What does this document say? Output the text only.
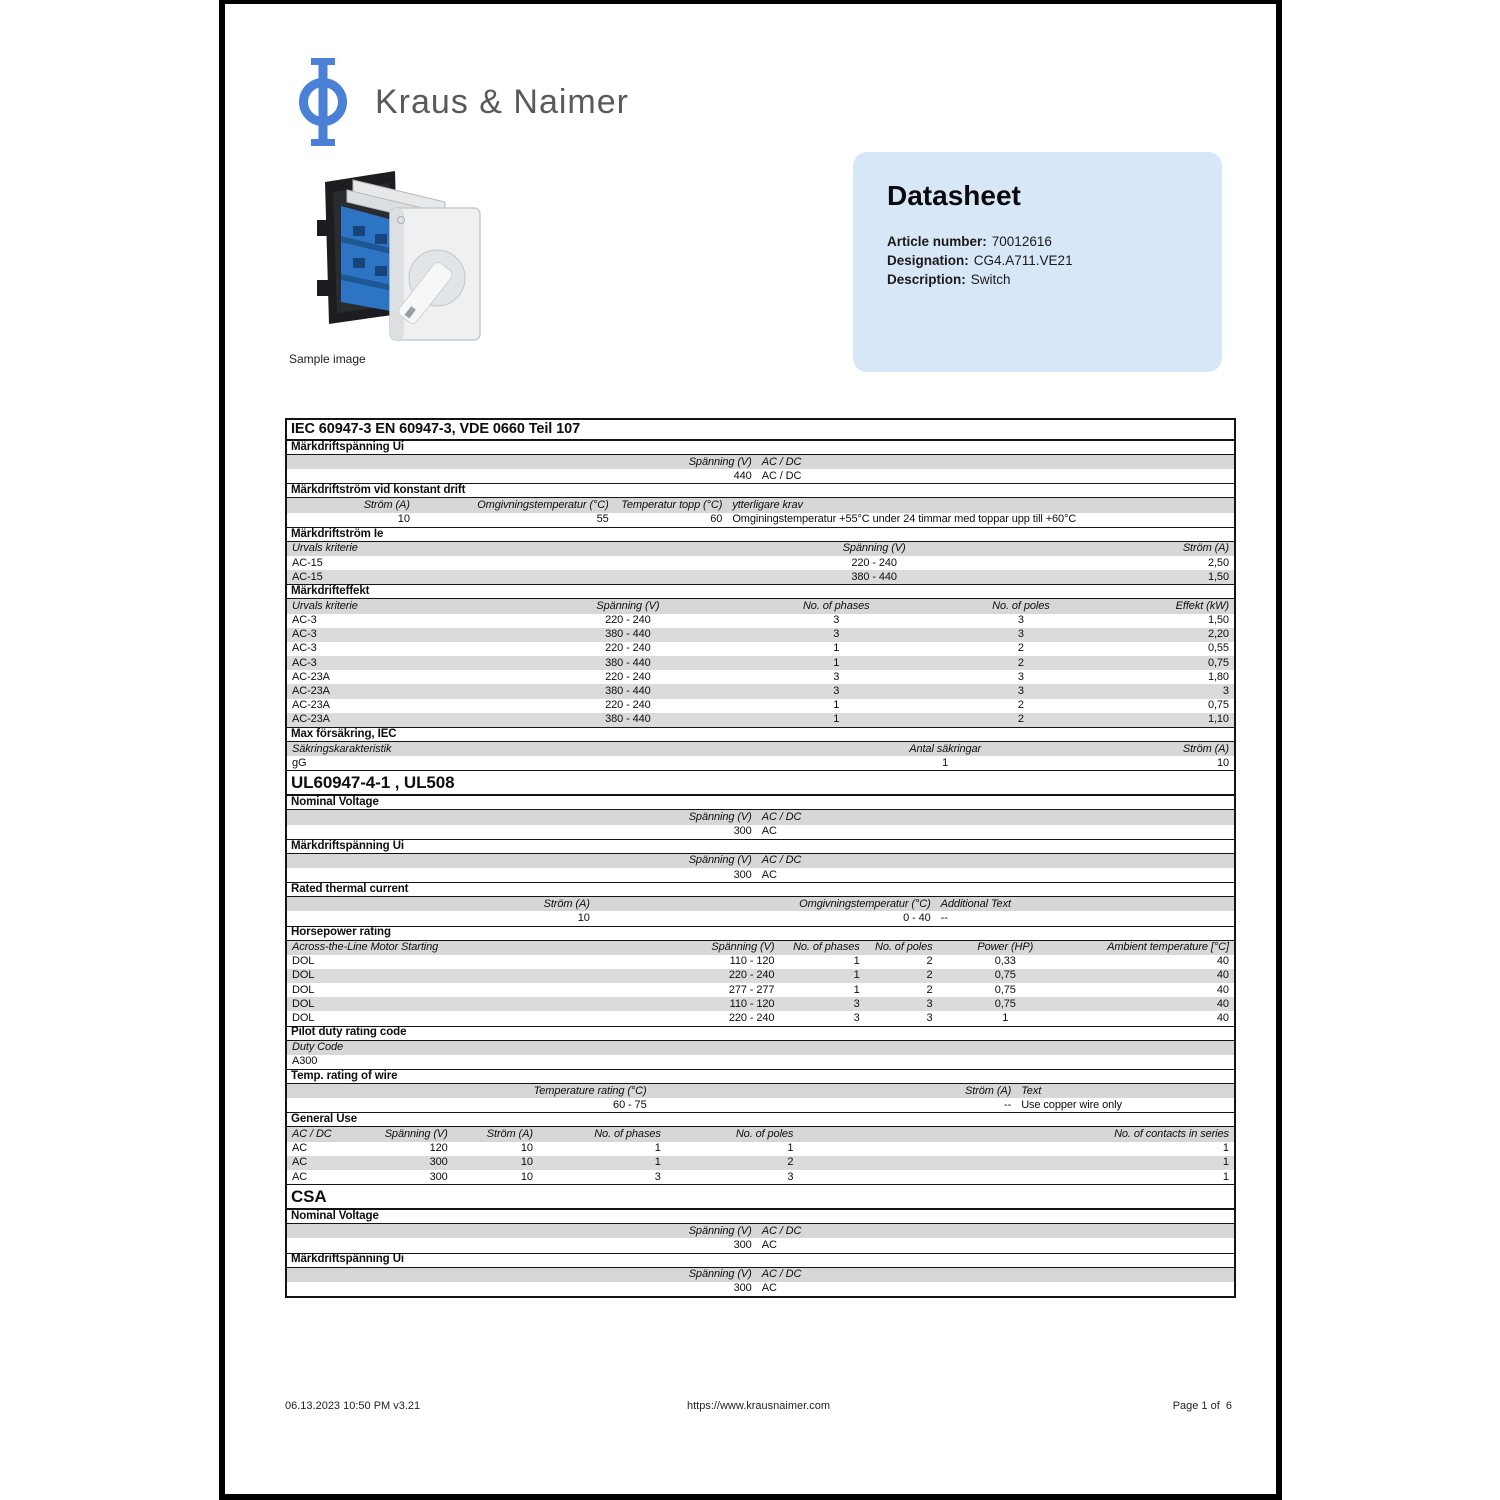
Kraus & Naimer
Sample image
Datasheet
Article number: 70012616
Designation: CG4.A711.VE21
Description: Switch
IEC 60947-3 EN 60947-3, VDE 0660 Teil 107
Märkdriftspänning Ui
Spänning (V) AC / DC
440 AC / DC
Märkdriftström vid konstant drift
Ström (A)	Omgivningstemperatur (°C)	Temperatur topp (°C) ytterligare krav
10	55	60 Omginingstemperatur +55°C under 24 timmar med toppar upp till +60°C
Märkdriftström Ie
Urvals kriterie	Spänning (V)	Ström (A)
AC-15	220 - 240	2,50
AC-15	380 - 440	1,50
Märkdrifteffekt
Urvals kriterie	Spänning (V)	No. of phases	No. of poles	Effekt (kW)
AC-3	220 - 240	3	3	1,50
AC-3	380 - 440	3	3	2,20
AC-3	220 - 240	1	2	0,55
AC-3	380 - 440	1	2	0,75
AC-23A	220 - 240	3	3	1,80
AC-23A	380 - 440	3	3	3
AC-23A	220 - 240	1	2	0,75
AC-23A	380 - 440	1	2	1,10
Max försäkring, IEC
Säkringskarakteristik	Antal säkringar	Ström (A)
gG	1	10
UL60947-4-1 , UL508
Nominal Voltage
Spänning (V) AC / DC
300 AC
Märkdriftspänning Ui
Spänning (V) AC / DC
300 AC
Rated thermal current
Ström (A)	Omgivningstemperatur (°C) Additional Text
10	0 - 40 --
Horsepower rating
Across-the-Line Motor Starting	Spänning (V)	No. of phases	No. of poles	Power (HP)	Ambient temperature [°C]
DOL	110 - 120	1	2	0,33	40
DOL	220 - 240	1	2	0,75	40
DOL	277 - 277	1	2	0,75	40
DOL	110 - 120	3	3	0,75	40
DOL	220 - 240	3	3	1	40
Pilot duty rating code
Duty Code
A300
Temp. rating of wire
Temperature rating (°C)	Ström (A) Text
60 - 75	-- Use copper wire only
General Use
AC / DC	Spänning (V)	Ström (A)	No. of phases	No. of poles	No. of contacts in series
AC	120	10	1	1	1
AC	300	10	1	2	1
AC	300	10	3	3	1
CSA
Nominal Voltage
Spänning (V) AC / DC
300 AC
Märkdriftspänning Ui
Spänning (V) AC / DC
300 AC
06.13.2023 10:50 PM v3.21	https://www.krausnaimer.com	Page 1 of  6
